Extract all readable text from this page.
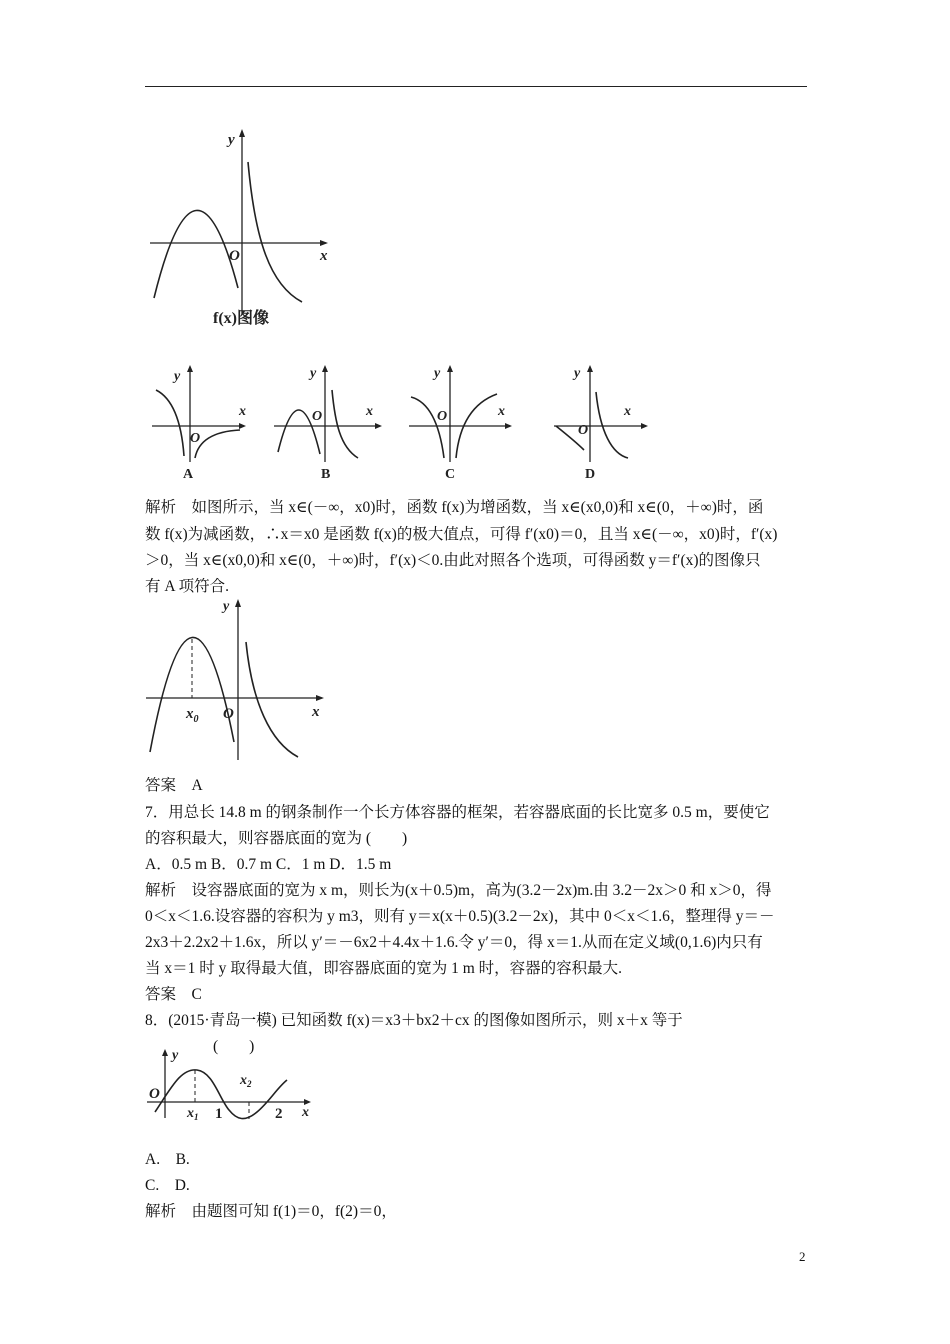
y
x
O
f(x)图像
y
x
O
A
y
x
O
B
y
x
O
C
y
x
O
D
解析　如图所示，当 x∈(－∞，x0)时，函数 f(x)为增函数，当 x∈(x0,0)和 x∈(0，＋∞)时，函
数 f(x)为减函数，∴x＝x0 是函数 f(x)的极大值点，可得 f′(x0)＝0，且当 x∈(－∞，x0)时，f′(x)
＞0，当 x∈(x0,0)和 x∈(0，＋∞)时，f′(x)＜0.由此对照各个选项，可得函数 y＝f′(x)的图像只
有 A 项符合.
y
x
O
$x_0$
答案　A
7．用总长 14.8 m 的钢条制作一个长方体容器的框架，若容器底面的长比宽多 0.5 m，要使它
的容积最大，则容器底面的宽为 (　　)
A．0.5 m B．0.7 m C．1 m D．1.5 m
解析　设容器底面的宽为 x m，则长为(x＋0.5)m，高为(3.2－2x)m.由 3.2－2x＞0 和 x＞0，得
0＜x＜1.6.设容器的容积为 y m3，则有 y＝x(x＋0.5)(3.2－2x)，其中 0＜x＜1.6，整理得 y＝－
2x3＋2.2x2＋1.6x，所以 y′＝－6x2＋4.4x＋1.6.令 y′＝0，得 x＝1.从而在定义域(0,1.6)内只有
当 x＝1 时 y 取得最大值，即容器底面的宽为 1 m 时，容器的容积最大.
答案　C
8．(2015·青岛一模) 已知函数 f(x)＝x3＋bx2＋cx 的图像如图所示，则 x＋x 等于
(　　)
y
x
O
$x_1$
$x_2$
1	2
A.　B.
C.　D.
解析　由题图可知 f(1)＝0，f(2)＝0，
2
